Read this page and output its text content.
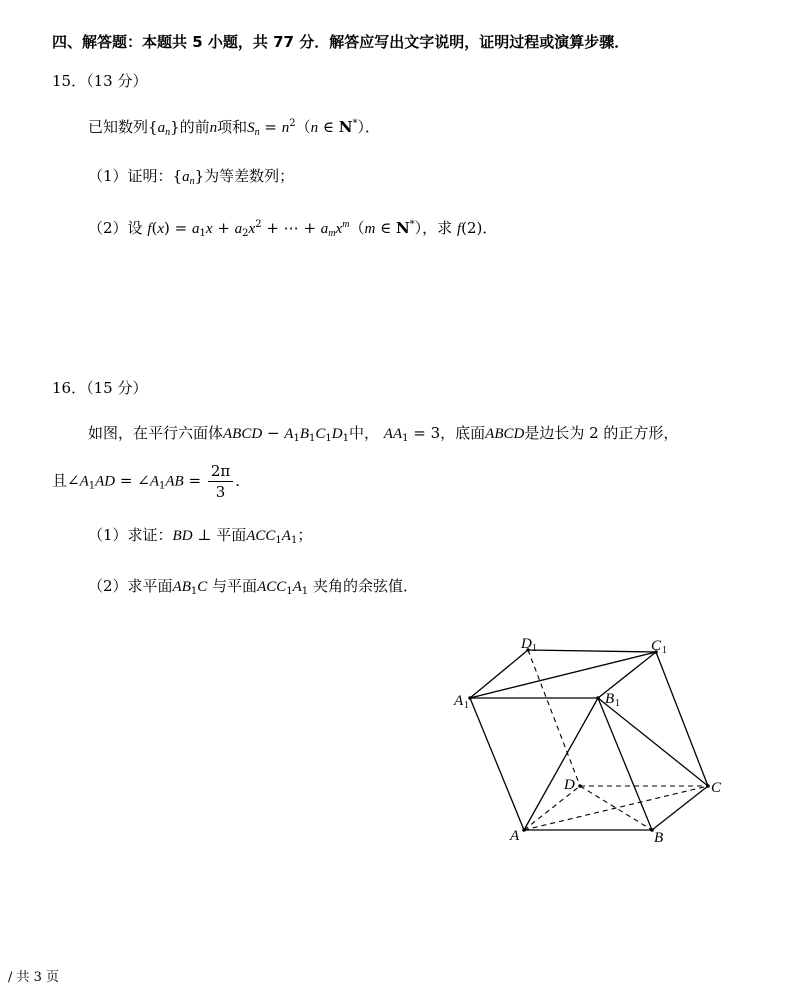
四、解答题：本题共 5 小题，共 77 分．解答应写出文字说明，证明过程或演算步骤．
15．（13 分）
已知数列$\{a_n\}$的前n项和$S_n = n^2(n$ ∈ N*）．
（1）证明：$\{a_n\}$为等差数列；
（2）设 $f(x) = a_1x + a_2x^2$ + ⋯ + $a_mx^m(m$ ∈ N*），求 f(2)．
16．（15 分）
如图，在平行六面体ABCD − $A_1B_1C_1D_1$中， $AA_1 = 3$，底面ABCD是边长为 2 的正方形，
且$\angle A_1AD$ = $\angle A_1AB = \frac{2\pi}{3}$ ．
（1）求证：BD ⊥ 平面$ACC_1A_1$；
（2）求平面$AB_1C$ 与平面$ACC_1A_1$ 夹角的余弦值．
D 1	C 1
A 1	B 1
D	C
A	B
/ 共 3 页
